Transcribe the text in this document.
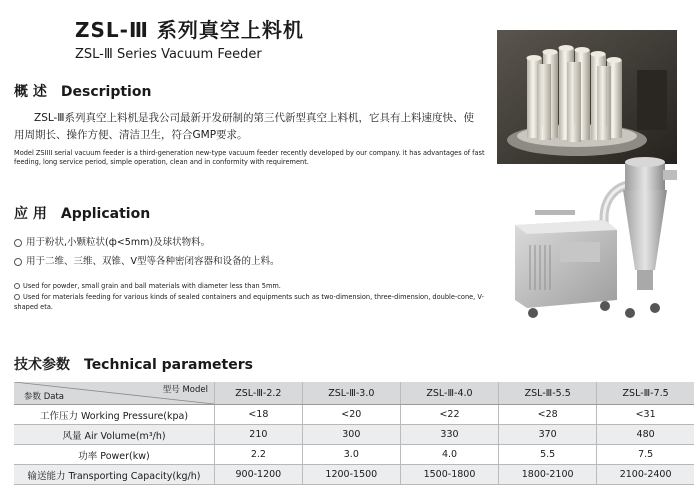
ZSL-Ⅲ 系列真空上料机
ZSL-Ⅲ Series Vacuum Feeder
概 述 Description
ZSL-Ⅲ系列真空上料机是我公司最新开发研制的第三代新型真空上料机，它具有上料速度快、使用周期长、操作方便、清洁卫生，符合GMP要求。
Model ZSIIII serial vacuum feeder is a third-generation new-type vacuum feeder recently developed by our company. it has advantages of fast feeding, long service period, simple operation, clean and in conformity with requirement.
应 用 Application
用于粉状,小颗粒状(ф<5mm)及球状物料。
用于二维、三维、双锥、V型等各种密闭容器和设备的上料。
Used for powder, small grain and ball materials with diameter less than 5mm.
Used for materials feeding for various kinds of sealed containers and equipments such as two-dimension, three-dimension, double-cone, V-shaped eta.
技术参数 Technical parameters
参数 Data
型号 Model	ZSL-Ⅲ-2.2	ZSL-Ⅲ-3.0	ZSL-Ⅲ-4.0	ZSL-Ⅲ-5.5	ZSL-Ⅲ-7.5
工作压力 Working Pressure(kpa)	<18	<20	<22	<28	<31
风量 Air Volume(m³/h)	210	300	330	370	480
功率 Power(kw)	2.2	3.0	4.0	5.5	7.5
输送能力 Transporting Capacity(kg/h)	900-1200	1200-1500	1500-1800	1800-2100	2100-2400
